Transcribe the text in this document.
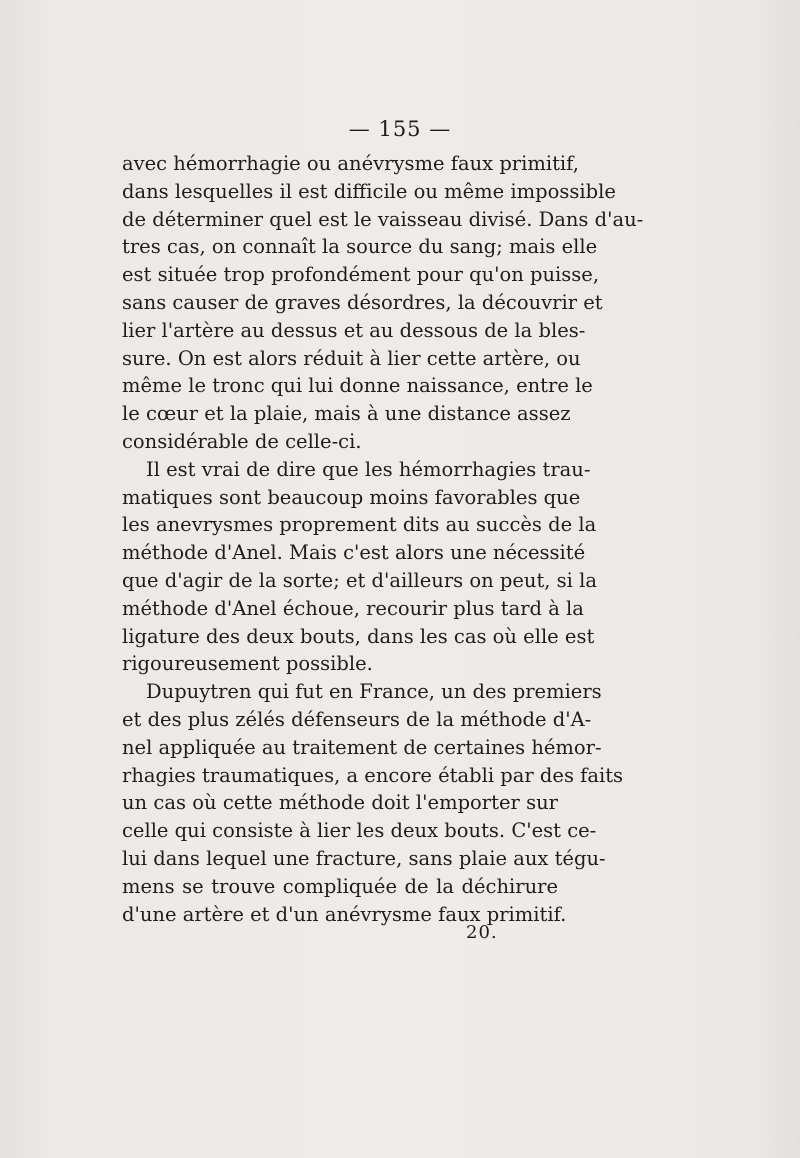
— 155 —
avec hémorrhagie ou anévrysme faux primitif,
dans lesquelles il est difficile ou même impossible
de déterminer quel est le vaisseau divisé. Dans d'au-
tres cas, on connaît la source du sang; mais elle
est située trop profondément pour qu'on puisse,
sans causer de graves désordres, la découvrir et
lier l'artère au dessus et au dessous de la bles-
sure. On est alors réduit à lier cette artère, ou
même le tronc qui lui donne naissance, entre le
le cœur et la plaie, mais à une distance assez
considérable de celle-ci.
Il est vrai de dire que les hémorrhagies trau-
matiques sont beaucoup moins favorables que
les anevrysmes proprement dits au succès de la
méthode d'Anel. Mais c'est alors une nécessité
que d'agir de la sorte; et d'ailleurs on peut, si la
méthode d'Anel échoue, recourir plus tard à la
ligature des deux bouts, dans les cas où elle est
rigoureusement possible.
Dupuytren qui fut en France, un des premiers
et des plus zélés défenseurs de la méthode d'A-
nel appliquée au traitement de certaines hémor-
rhagies traumatiques, a encore établi par des faits
un cas où cette méthode doit l'emporter sur
celle qui consiste à lier les deux bouts. C'est ce-
lui dans lequel une fracture, sans plaie aux tégu-
mens se trouve compliquée de la déchirure
d'une artère et d'un anévrysme faux primitif.
20.
